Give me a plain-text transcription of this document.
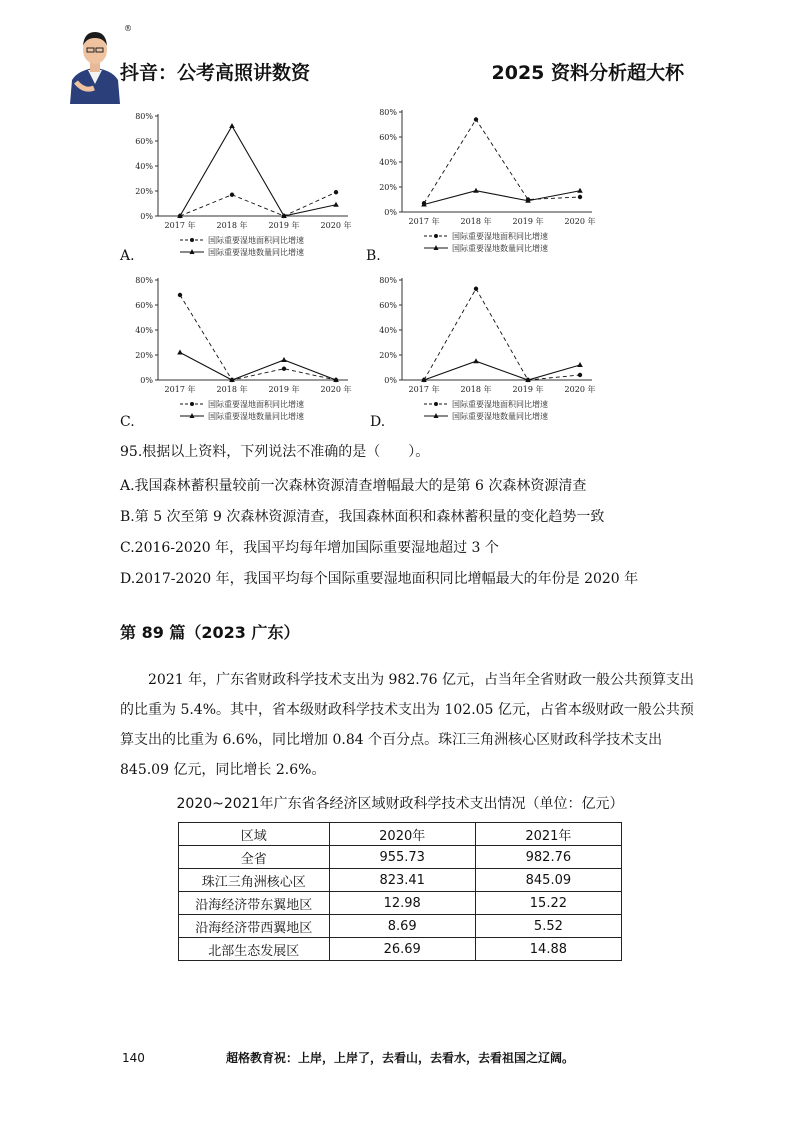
®
抖音：公考高照讲数资	2025 资料分析超大杯
0%
20%
40%
60%
80%
2017 年	2018 年	2019 年	2020 年
国际重要湿地面积同比增速
国际重要湿地数量同比增速
0%
20%
40%
60%
80%
2017 年	2018 年	2019 年	2020 年
国际重要湿地面积同比增速
国际重要湿地数量同比增速
0%
20%
40%
60%
80%
2017 年	2018 年	2019 年	2020 年
国际重要湿地面积同比增速
国际重要湿地数量同比增速
0%
20%
40%
60%
80%
2017 年	2018 年	2019 年	2020 年
国际重要湿地面积同比增速
国际重要湿地数量同比增速
A.	B.
C.	D.
95.根据以上资料，下列说法不准确的是（　　）。
A.我国森林蓄积量较前一次森林资源清查增幅最大的是第 6 次森林资源清查
B.第 5 次至第 9 次森林资源清查，我国森林面积和森林蓄积量的变化趋势一致
C.2016-2020 年，我国平均每年增加国际重要湿地超过 3 个
D.2017-2020 年，我国平均每个国际重要湿地面积同比增幅最大的年份是 2020 年
第 89 篇（2023 广东）
2021 年，广东省财政科学技术支出为 982.76 亿元，占当年全省财政一般公共预算支出的比重为 5.4%。其中，省本级财政科学技术支出为 102.05 亿元，占省本级财政一般公共预算支出的比重为 6.6%，同比增加 0.84 个百分点。珠江三角洲核心区财政科学技术支出 845.09 亿元，同比增长 2.6%。
2020~2021年广东省各经济区域财政科学技术支出情况（单位：亿元）
区域	2020年	2021年
全省	955.73	982.76
珠江三角洲核心区	823.41	845.09
沿海经济带东翼地区	12.98	15.22
沿海经济带西翼地区	8.69	5.52
北部生态发展区	26.69	14.88
140	超格教育祝：上岸，上岸了，去看山，去看水，去看祖国之辽阔。
